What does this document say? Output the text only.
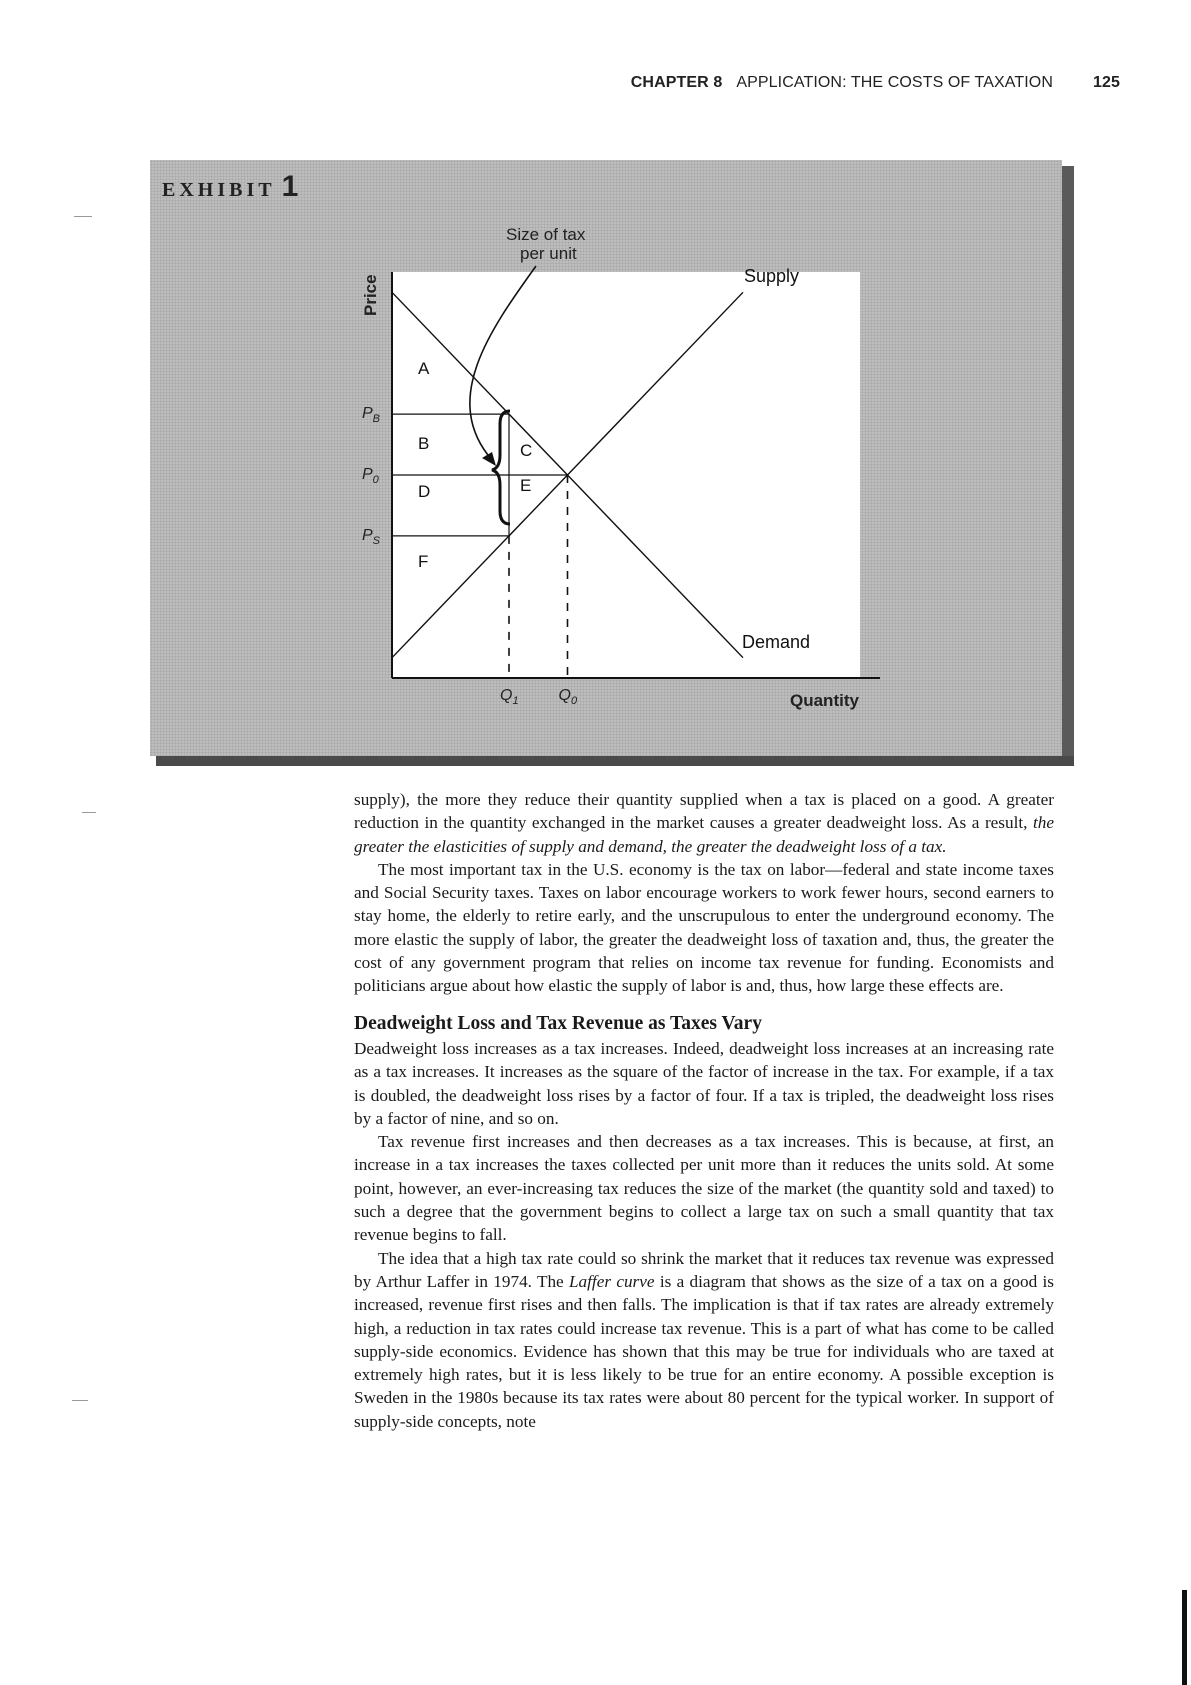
CHAPTER 8 APPLICATION: THE COSTS OF TAXATION	125
EXHIBIT 1
Price
Quantity
$P_B$
$P_0$
$P_S$
$Q_1$ $Q_0$
A
B	C
D	E
F
Size of tax
per unit
Supply
Demand

supply), the more they reduce their quantity supplied when a tax is placed on a good. A greater reduction in the quantity exchanged in the market causes a greater deadweight loss. As a result, the greater the elasticities of supply and demand, the greater the deadweight loss of a tax.

The most important tax in the U.S. economy is the tax on labor—federal and state income taxes and Social Security taxes. Taxes on labor encourage workers to work fewer hours, second earners to stay home, the elderly to retire early, and the unscrupulous to enter the underground economy. The more elastic the supply of labor, the greater the deadweight loss of taxation and, thus, the greater the cost of any government program that relies on income tax revenue for funding. Economists and politicians argue about how elastic the supply of labor is and, thus, how large these effects are.

Deadweight Loss and Tax Revenue as Taxes Vary

Deadweight loss increases as a tax increases. Indeed, deadweight loss increases at an increasing rate as a tax increases. It increases as the square of the factor of increase in the tax. For example, if a tax is doubled, the deadweight loss rises by a factor of four. If a tax is tripled, the deadweight loss rises by a factor of nine, and so on.

Tax revenue first increases and then decreases as a tax increases. This is because, at first, an increase in a tax increases the taxes collected per unit more than it reduces the units sold. At some point, however, an ever-increasing tax reduces the size of the market (the quantity sold and taxed) to such a degree that the government begins to collect a large tax on such a small quantity that tax revenue begins to fall.

The idea that a high tax rate could so shrink the market that it reduces tax revenue was expressed by Arthur Laffer in 1974. The Laffer curve is a diagram that shows as the size of a tax on a good is increased, revenue first rises and then falls. The implication is that if tax rates are already extremely high, a reduction in tax rates could increase tax revenue. This is a part of what has come to be called supply-side economics. Evidence has shown that this may be true for individuals who are taxed at extremely high rates, but it is less likely to be true for an entire economy. A possible exception is Sweden in the 1980s because its tax rates were about 80 percent for the typical worker. In support of supply-side concepts, note
